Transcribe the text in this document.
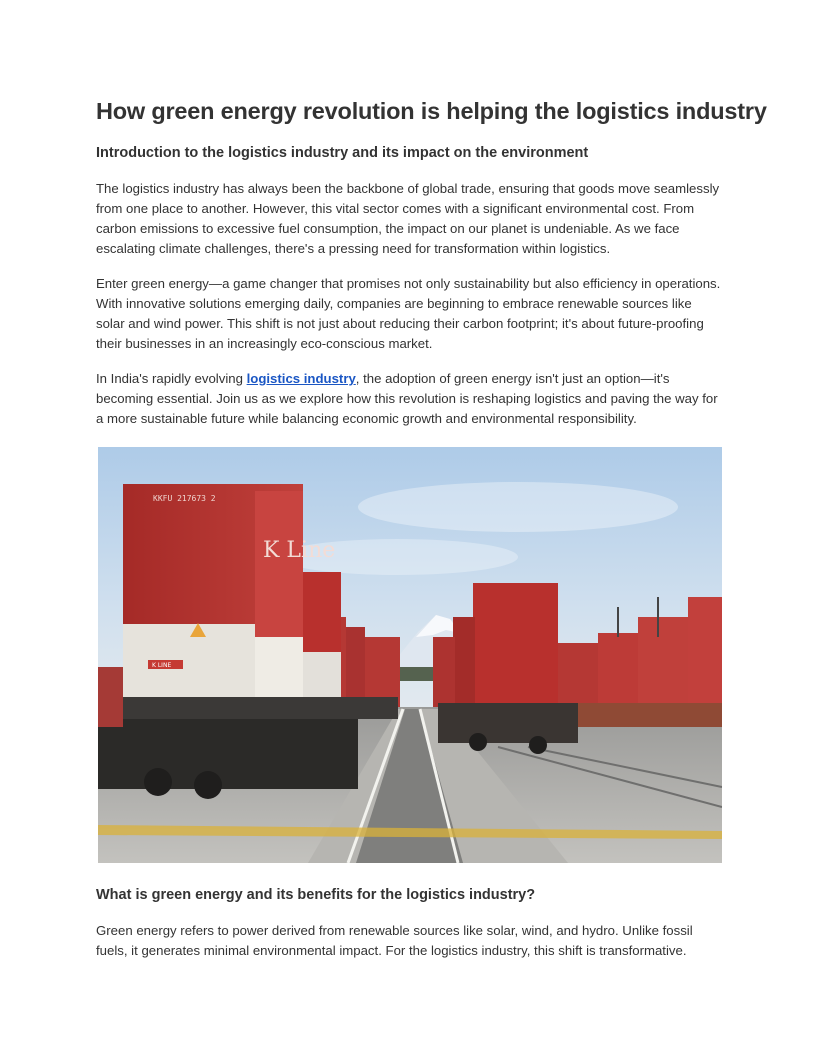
How green energy revolution is helping the logistics industry
Introduction to the logistics industry and its impact on the environment

The logistics industry has always been the backbone of global trade, ensuring that goods move seamlessly from one place to another. However, this vital sector comes with a significant environmental cost. From carbon emissions to excessive fuel consumption, the impact on our planet is undeniable. As we face escalating climate challenges, there's a pressing need for transformation within logistics.

Enter green energy—a game changer that promises not only sustainability but also efficiency in operations. With innovative solutions emerging daily, companies are beginning to embrace renewable sources like solar and wind power. This shift is not just about reducing their carbon footprint; it's about future-proofing their businesses in an increasingly eco-conscious market.

In India's rapidly evolving logistics industry, the adoption of green energy isn't just an option—it's becoming essential. Join us as we explore how this revolution is reshaping logistics and paving the way for a more sustainable future while balancing economic growth and environmental responsibility.

KKFU 217673 2
K Line
K LINE
What is green energy and its benefits for the logistics industry?

Green energy refers to power derived from renewable sources like solar, wind, and hydro. Unlike fossil fuels, it generates minimal environmental impact. For the logistics industry, this shift is transformative.
